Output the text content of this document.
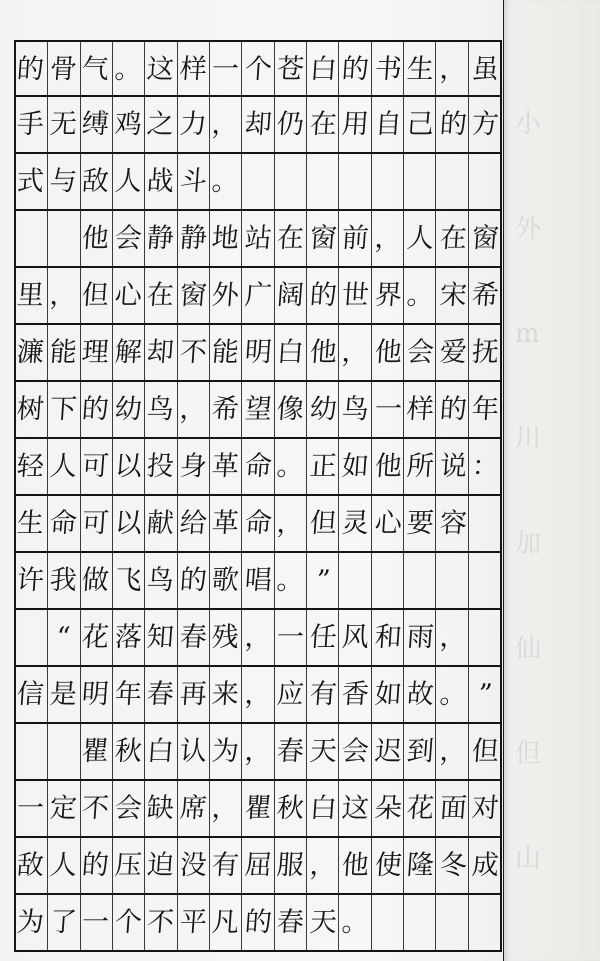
小
外
m
川
加
仙
但
山
的 骨 气 。 这 样 一 个 苍 白 的 书 生 ， 虽
手 无 缚 鸡 之 力 ， 却 仍 在 用 自 己 的 方
式 与 敌 人 战 斗 。

他 会 静 静 地 站 在 窗 前 ， 人 在 窗
里 ， 但 心 在 窗 外 广 阔 的 世 界 。 宋 希
濂 能 理 解 却 不 能 明 白 他 ， 他 会 爱 抚
树 下 的 幼 鸟 ， 希 望 像 幼 鸟 一 样 的 年
轻 人 可 以 投 身 革 命 。 正 如 他 所 说 ：
生 命 可 以 献 给 革 命 ， 但 灵 心 要 容
许 我 做 飞 鸟 的 歌 唱 。 ”

“ 花 落 知 春 残 ， 一 任 风 和 雨 ，
信 是 明 年 春 再 来 ， 应 有 香 如 故 。 ”

瞿 秋 白 认 为 ， 春 天 会 迟 到 ， 但
一 定 不 会 缺 席 ， 瞿 秋 白 这 朵 花 面 对
敌 人 的 压 迫 没 有 屈 服 ， 他 使 隆 冬 成
为 了 一 个 不 平 凡 的 春 天 。
